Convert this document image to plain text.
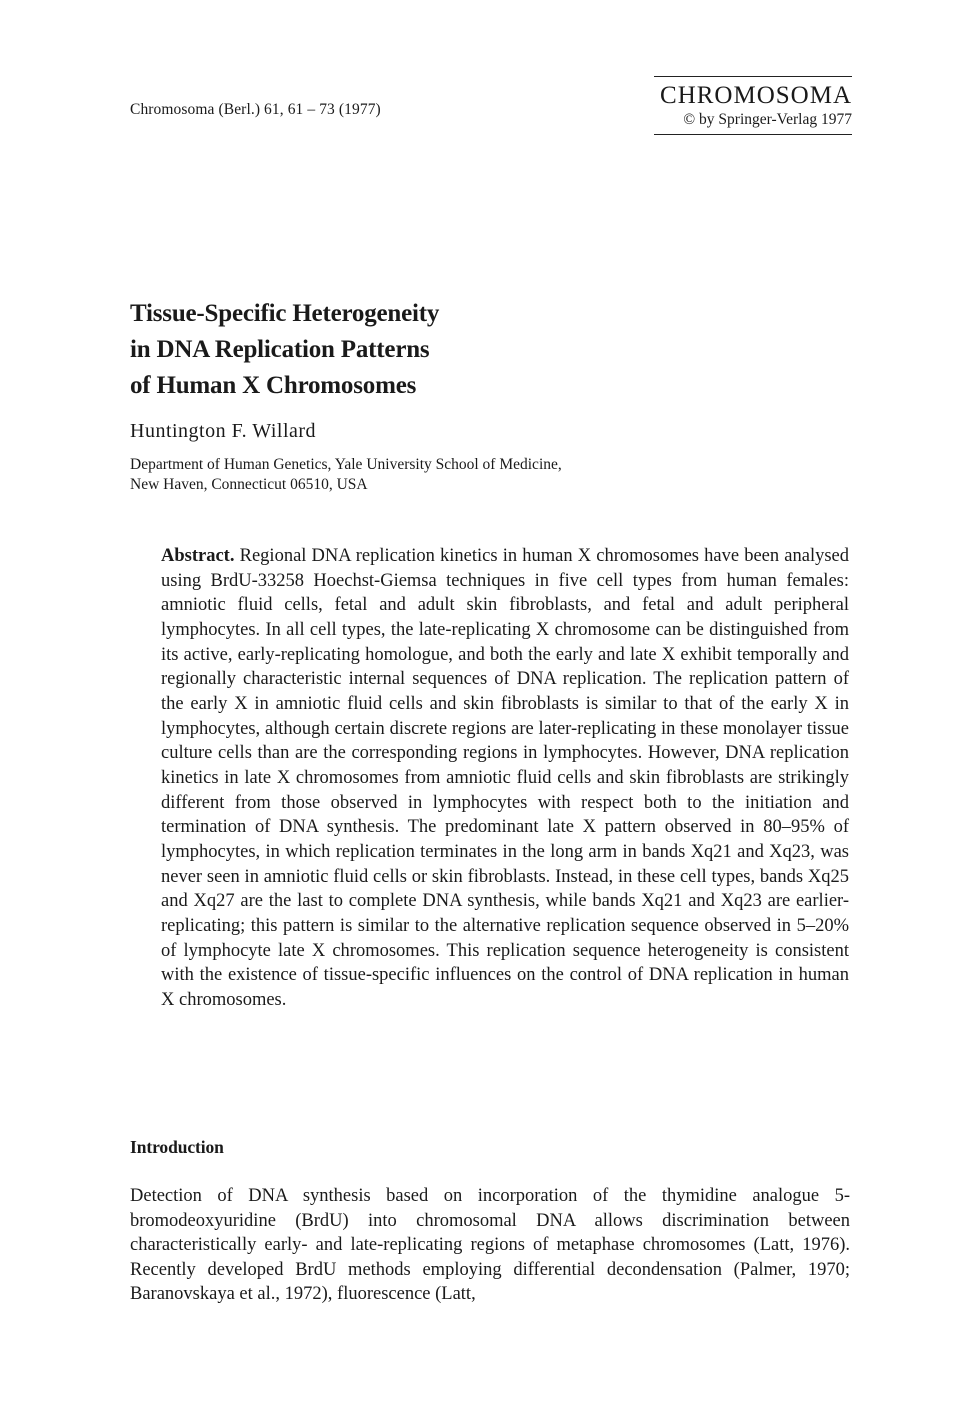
Chromosoma (Berl.) 61, 61 – 73 (1977)
CHROMOSOMA
© by Springer-Verlag 1977
Tissue-Specific Heterogeneity
in DNA Replication Patterns
of Human X Chromosomes
Huntington F. Willard
Department of Human Genetics, Yale University School of Medicine,
New Haven, Connecticut 06510, USA

Abstract. Regional DNA replication kinetics in human X chromosomes have been analysed using BrdU-33258 Hoechst-Giemsa techniques in five cell types from human females: amniotic fluid cells, fetal and adult skin fibroblasts, and fetal and adult peripheral lymphocytes. In all cell types, the late-replicating X chromosome can be distinguished from its active, early-replicating homologue, and both the early and late X exhibit temporally and regionally characteristic internal sequences of DNA replication. The replication pattern of the early X in amniotic fluid cells and skin fibroblasts is similar to that of the early X in lymphocytes, although certain discrete regions are later-replicating in these monolayer tissue culture cells than are the corresponding regions in lymphocytes. However, DNA replication kinetics in late X chromosomes from amniotic fluid cells and skin fibroblasts are strikingly different from those observed in lymphocytes with respect both to the initiation and termination of DNA synthesis. The predominant late X pattern observed in 80–95% of lymphocytes, in which replication terminates in the long arm in bands Xq21 and Xq23, was never seen in amniotic fluid cells or skin fibroblasts. Instead, in these cell types, bands Xq25 and Xq27 are the last to complete DNA synthesis, while bands Xq21 and Xq23 are earlier-replicating; this pattern is similar to the alternative replication sequence observed in 5–20% of lymphocyte late X chromosomes. This replication sequence heterogeneity is consistent with the existence of tissue-specific influences on the control of DNA replication in human X chromosomes.

Introduction

Detection of DNA synthesis based on incorporation of the thymidine analogue 5-bromodeoxyuridine (BrdU) into chromosomal DNA allows discrimination between characteristically early- and late-replicating regions of metaphase chromosomes (Latt, 1976). Recently developed BrdU methods employing differential decondensation (Palmer, 1970; Baranovskaya et al., 1972), fluorescence (Latt,
